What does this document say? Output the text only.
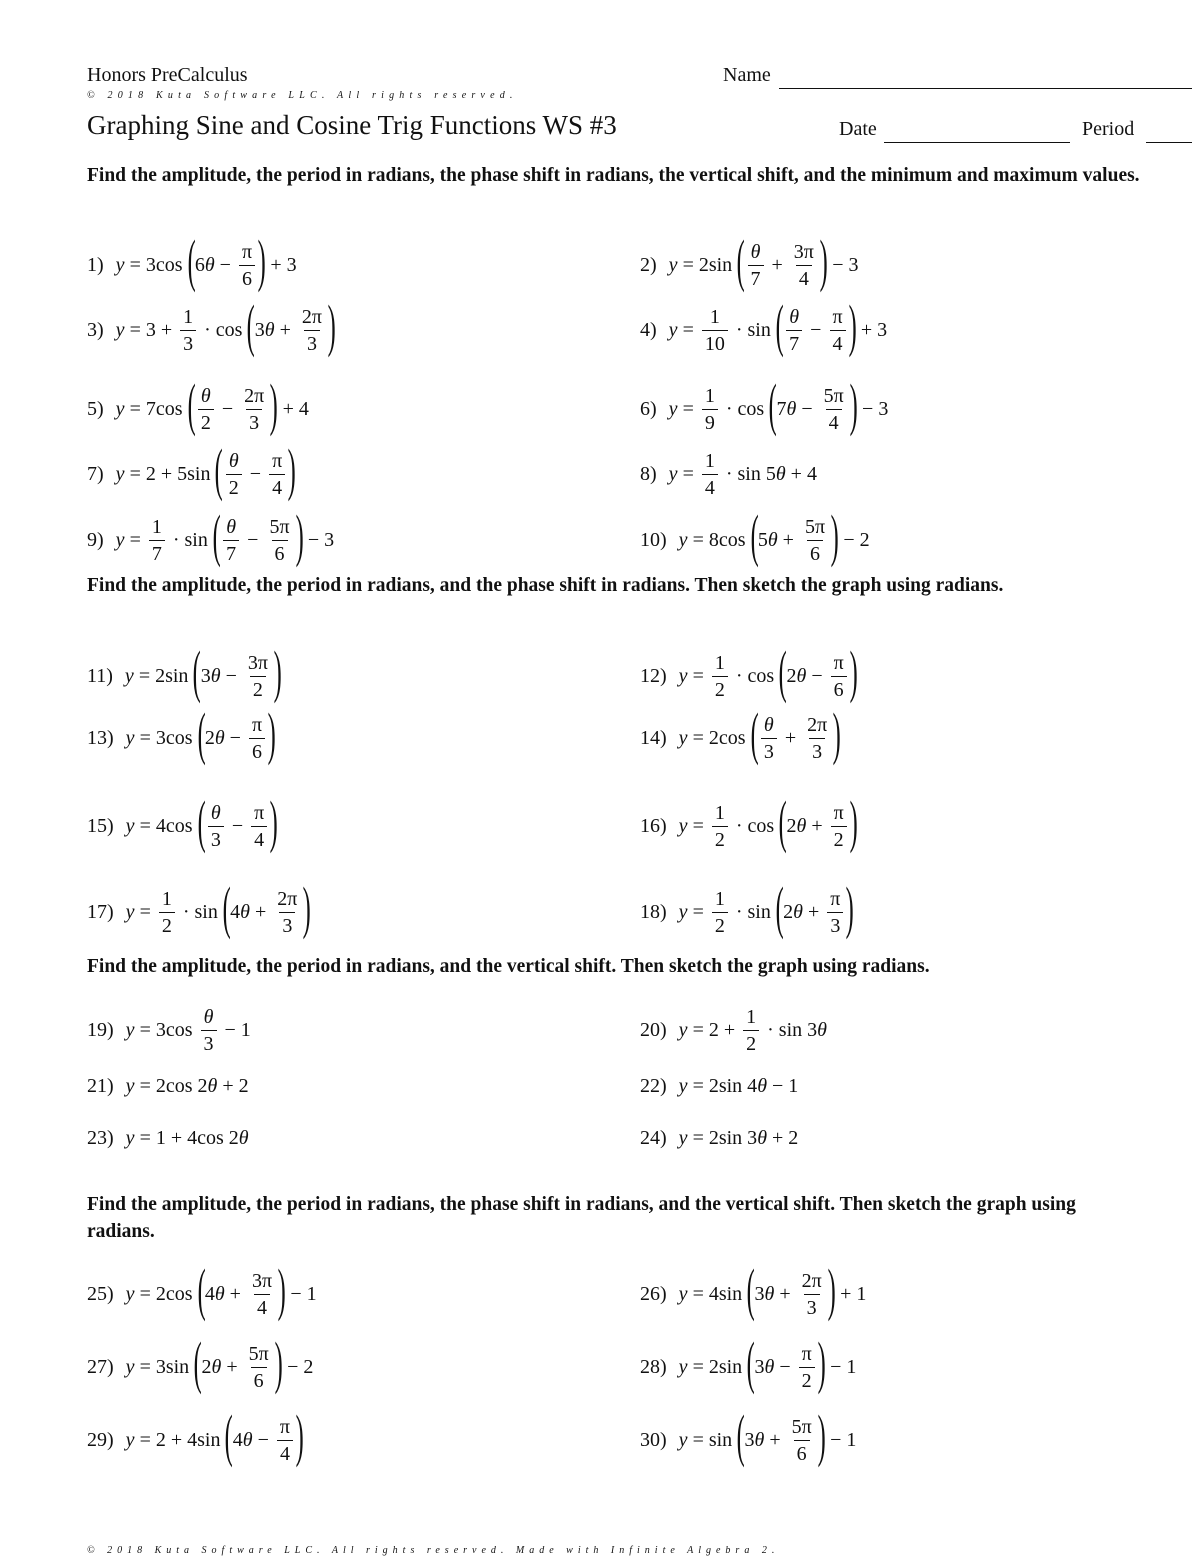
Honors PreCalculus
© 2018 Kuta Software LLC. All rights reserved.
Graphing Sine and Cosine Trig Functions WS #3
Name
Date	Period
Find the amplitude, the period in radians, the phase shift in radians, the vertical shift, and the minimum and maximum values.
Find the amplitude, the period in radians, and the phase shift in radians. Then sketch the graph using radians.
Find the amplitude, the period in radians, and the vertical shift. Then sketch the graph using radians.
Find the amplitude, the period in radians, the phase shift in radians, and the vertical shift. Then sketch the graph using radians.
1) y = 3cos ( 6 $\theta - \frac{\pi}{6}$ ) + 3	2) y = 2sin ( $\frac{\theta}{7} + \frac{3\pi}{4}$ ) − 3
3) $y = 3 + \frac{1}{3} \cdot \cos$ ( 3 $\theta + \frac{2\pi}{3}$ )	4) $y = \frac{1}{10} \cdot \sin$ ( $\frac{\theta}{7} - \frac{\pi}{4}$ ) + 3
5) y = 7cos ( $\frac{\theta}{2} - \frac{2\pi}{3}$ ) + 4	6) $y = \frac{1}{9} \cdot \cos$ ( 7 $\theta - \frac{5\pi}{4}$ ) − 3
7) y = 2 + 5sin ( $\frac{\theta}{2} - \frac{\pi}{4}$ )	8) $y = \frac{1}{4} \cdot \sin 5$ θ + 4
9) $y = \frac{1}{7} \cdot \sin$ ( $\frac{\theta}{7} - \frac{5\pi}{6}$ ) − 3	10) y = 8cos ( 5 $\theta + \frac{5\pi}{6}$ ) − 2
11) y = 2sin ( 3 $\theta - \frac{3\pi}{2}$ )	12) $y = \frac{1}{2} \cdot \cos$ ( 2 $\theta - \frac{\pi}{6}$ )
13) y = 3cos ( 2 $\theta - \frac{\pi}{6}$ )	14) y = 2cos ( $\frac{\theta}{3} + \frac{2\pi}{3}$ )
15) y = 4cos ( $\frac{\theta}{3} - \frac{\pi}{4}$ )	16) $y = \frac{1}{2} \cdot \cos$ ( 2 $\theta + \frac{\pi}{2}$ )
17) $y = \frac{1}{2} \cdot \sin$ ( 4 $\theta + \frac{2\pi}{3}$ )	18) $y = \frac{1}{2} \cdot \sin$ ( 2 $\theta + \frac{\pi}{3}$ )
19) $y = 3\cos \frac{\theta}{3} - 1$	20) $y = 2 + \frac{1}{2} \cdot \sin 3$ θ
21) y = 2cos 2 θ + 2	22) y = 2sin 4 θ − 1
23) y = 1 + 4cos 2 θ	24) y = 2sin 3 θ + 2
25) y = 2cos ( 4 $\theta + \frac{3\pi}{4}$ ) − 1	26) y = 4sin ( 3 $\theta + \frac{2\pi}{3}$ ) + 1
27) y = 3sin ( 2 $\theta + \frac{5\pi}{6}$ ) − 2	28) y = 2sin ( 3 $\theta - \frac{\pi}{2}$ ) − 1
29) y = 2 + 4sin ( 4 $\theta - \frac{\pi}{4}$ )	30) y = sin ( 3 $\theta + \frac{5\pi}{6}$ ) − 1
© 2018 Kuta Software LLC. All rights reserved. Made with Infinite Algebra 2.
